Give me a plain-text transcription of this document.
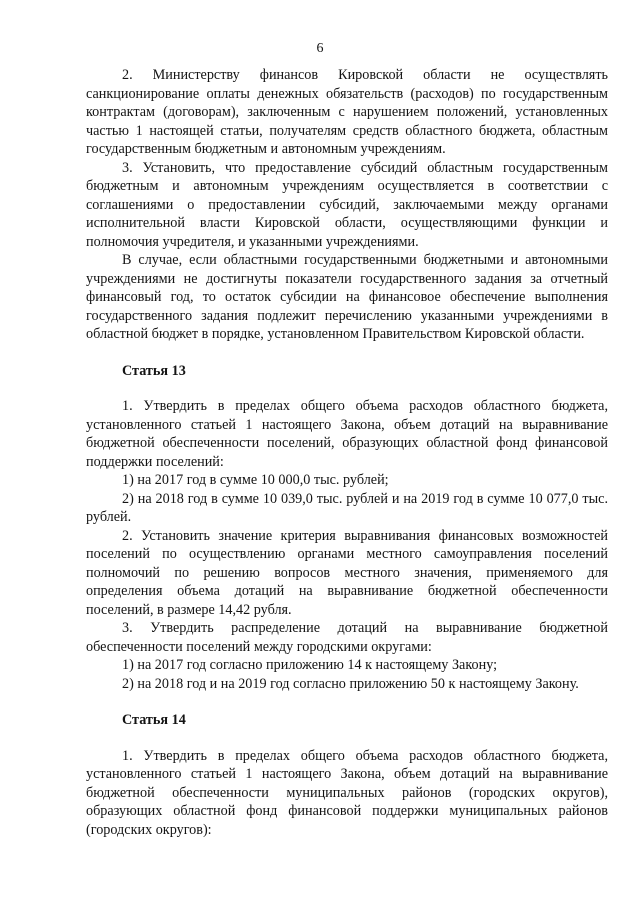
6

2. Министерству финансов Кировской области не осуществлять санкционирование оплаты денежных обязательств (расходов) по государственным контрактам (договорам), заключенным с нарушением положений, установленных частью 1 настоящей статьи, получателям средств областного бюджета, областным государственным бюджетным и автономным учреждениям.

3. Установить, что предоставление субсидий областным государственным бюджетным и автономным учреждениям осуществляется в соответствии с соглашениями о предоставлении субсидий, заключаемыми между органами исполнительной власти Кировской области, осуществляющими функции и полномочия учредителя, и указанными учреждениями.

В случае, если областными государственными бюджетными и автономными учреждениями не достигнуты показатели государственного задания за отчетный финансовый год, то остаток субсидии на финансовое обеспечение выполнения государственного задания подлежит перечислению указанными учреждениями в областной бюджет в порядке, установленном Правительством Кировской области.

Статья 13

1. Утвердить в пределах общего объема расходов областного бюджета, установленного статьей 1 настоящего Закона, объем дотаций на выравнивание бюджетной обеспеченности поселений, образующих областной фонд финансовой поддержки поселений:

1) на 2017 год в сумме 10 000,0 тыс. рублей;

2) на 2018 год в сумме 10 039,0 тыс. рублей и на 2019 год в сумме 10 077,0 тыс. рублей.

2. Установить значение критерия выравнивания финансовых возможностей поселений по осуществлению органами местного самоуправления поселений полномочий по решению вопросов местного значения, применяемого для определения объема дотаций на выравнивание бюджетной обеспеченности поселений, в размере 14,42 рубля.

3. Утвердить распределение дотаций на выравнивание бюджетной обеспеченности поселений между городскими округами:

1) на 2017 год согласно приложению 14 к настоящему Закону;

2) на 2018 год и на 2019 год согласно приложению 50 к настоящему Закону.

Статья 14

1. Утвердить в пределах общего объема расходов областного бюджета, установленного статьей 1 настоящего Закона, объем дотаций на выравнивание бюджетной обеспеченности муниципальных районов (городских округов), образующих областной фонд финансовой поддержки муниципальных районов (городских округов):
